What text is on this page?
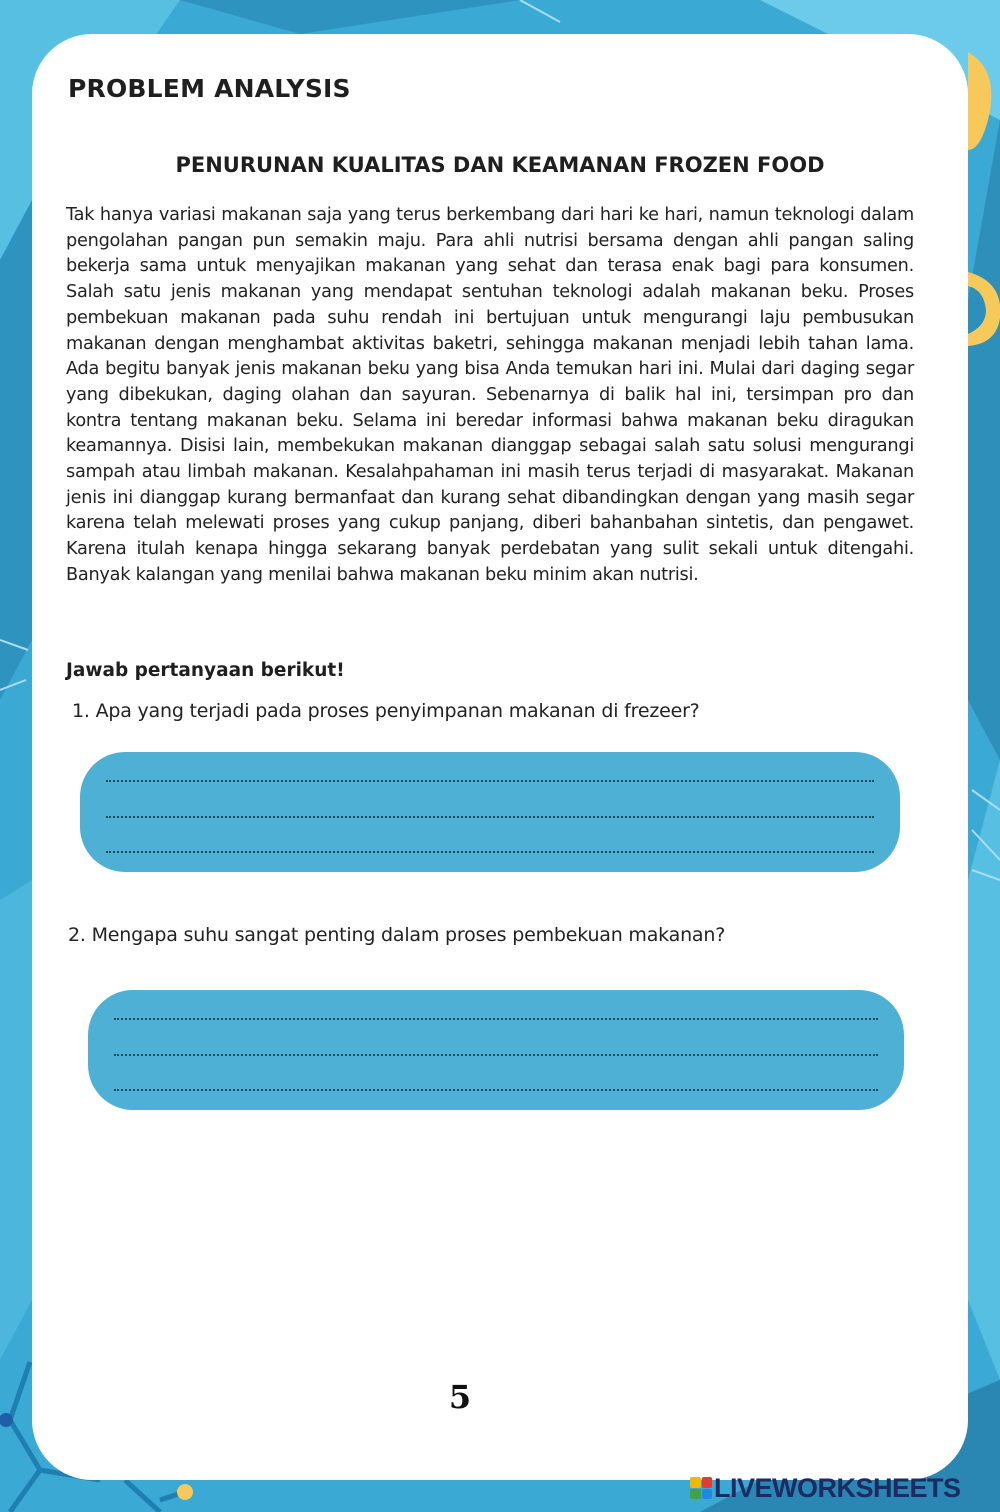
PROBLEM ANALYSIS
PENURUNAN KUALITAS DAN KEAMANAN FROZEN FOOD

Tak hanya variasi makanan saja yang terus berkembang dari hari ke hari, namun teknologi dalam pengolahan pangan pun semakin maju. Para ahli nutrisi bersama dengan ahli pangan saling bekerja sama untuk menyajikan makanan yang sehat dan terasa enak bagi para konsumen. Salah satu jenis makanan yang mendapat sentuhan teknologi adalah makanan beku. Proses pembekuan makanan pada suhu rendah ini bertujuan untuk mengurangi laju pembusukan makanan dengan menghambat aktivitas baketri, sehingga makanan menjadi lebih tahan lama. Ada begitu banyak jenis makanan beku yang bisa Anda temukan hari ini. Mulai dari daging segar yang dibekukan, daging olahan dan sayuran. Sebenarnya di balik hal ini, tersimpan pro dan kontra tentang makanan beku. Selama ini beredar informasi bahwa makanan beku diragukan keamannya. Disisi lain, membekukan makanan dianggap sebagai salah satu solusi mengurangi sampah atau limbah makanan. Kesalahpahaman ini masih terus terjadi di masyarakat. Makanan jenis ini dianggap kurang bermanfaat dan kurang sehat dibandingkan dengan yang masih segar karena telah melewati proses yang cukup panjang, diberi bahanbahan sintetis, dan pengawet. Karena itulah kenapa hingga sekarang banyak perdebatan yang sulit sekali untuk ditengahi. Banyak kalangan yang menilai bahwa makanan beku minim akan nutrisi.

Jawab pertanyaan berikut!

1. Apa yang terjadi pada proses penyimpanan makanan di frezeer?

2. Mengapa suhu sangat penting dalam proses pembekuan makanan?

5

LIVEWORKSHEETS
